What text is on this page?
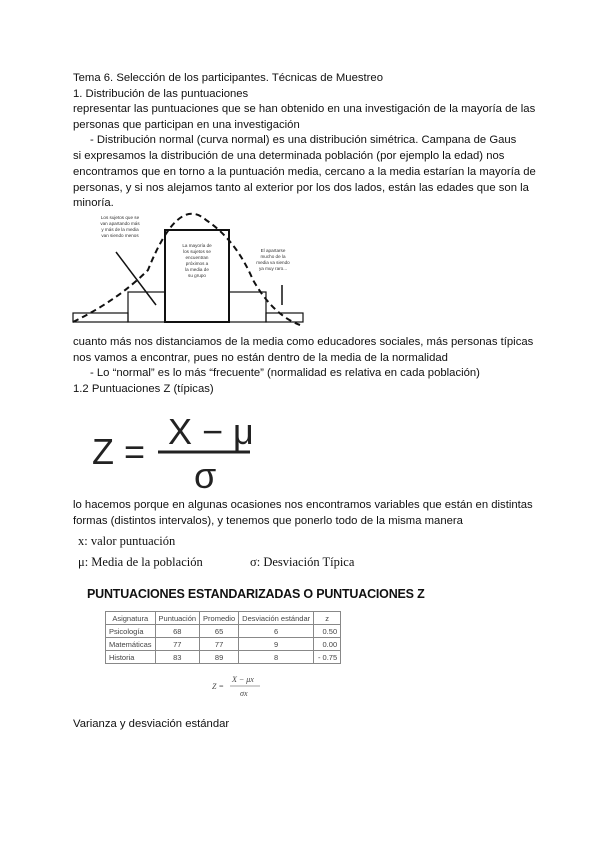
Tema 6. Selección de los participantes. Técnicas de Muestreo
1. Distribución de las puntuaciones
representar las puntuaciones que se han obtenido en una investigación de la mayoría de las personas que participan en una investigación
- Distribución normal (curva normal) es una distribución simétrica. Campana de Gaus
si expresamos la distribución de una determinada población (por ejemplo la edad) nos encontramos que en torno a la puntuación media, cercano a la media estarían la mayoría de personas, y si nos alejamos tanto al exterior por los dos lados, están las edades que son la minoría.
Los sujetos que se van apartando más y más de la media van siendo menos
La mayoría de los sujetos se encuentran próximos a la media de su grupo
El apartarse mucho de la media va siendo ya muy raro...
cuanto más nos distanciamos de la media como educadores sociales, más personas típicas nos vamos a encontrar, pues no están dentro de la media de la normalidad
- Lo “normal” es lo más “frecuente” (normalidad es relativa en cada población)
1.2 Puntuaciones Z (típicas)
Z = X − μ
σ
lo hacemos porque en algunas ocasiones nos encontramos variables que están en distintas formas (distintos intervalos), y tenemos que ponerlo todo de la misma manera
x: valor puntuación
μ: Media de la población	σ: Desviación Típica
PUNTUACIONES ESTANDARIZADAS O PUNTUACIONES Z
Asignatura	Puntuación	Promedio	Desviación estándar	z
Psicología	68	65	6	0.50
Matemáticas	77	77	9	0.00
Historia	83	89	8	- 0.75
Z =
X − μx
σx
Varianza y desviación estándar
